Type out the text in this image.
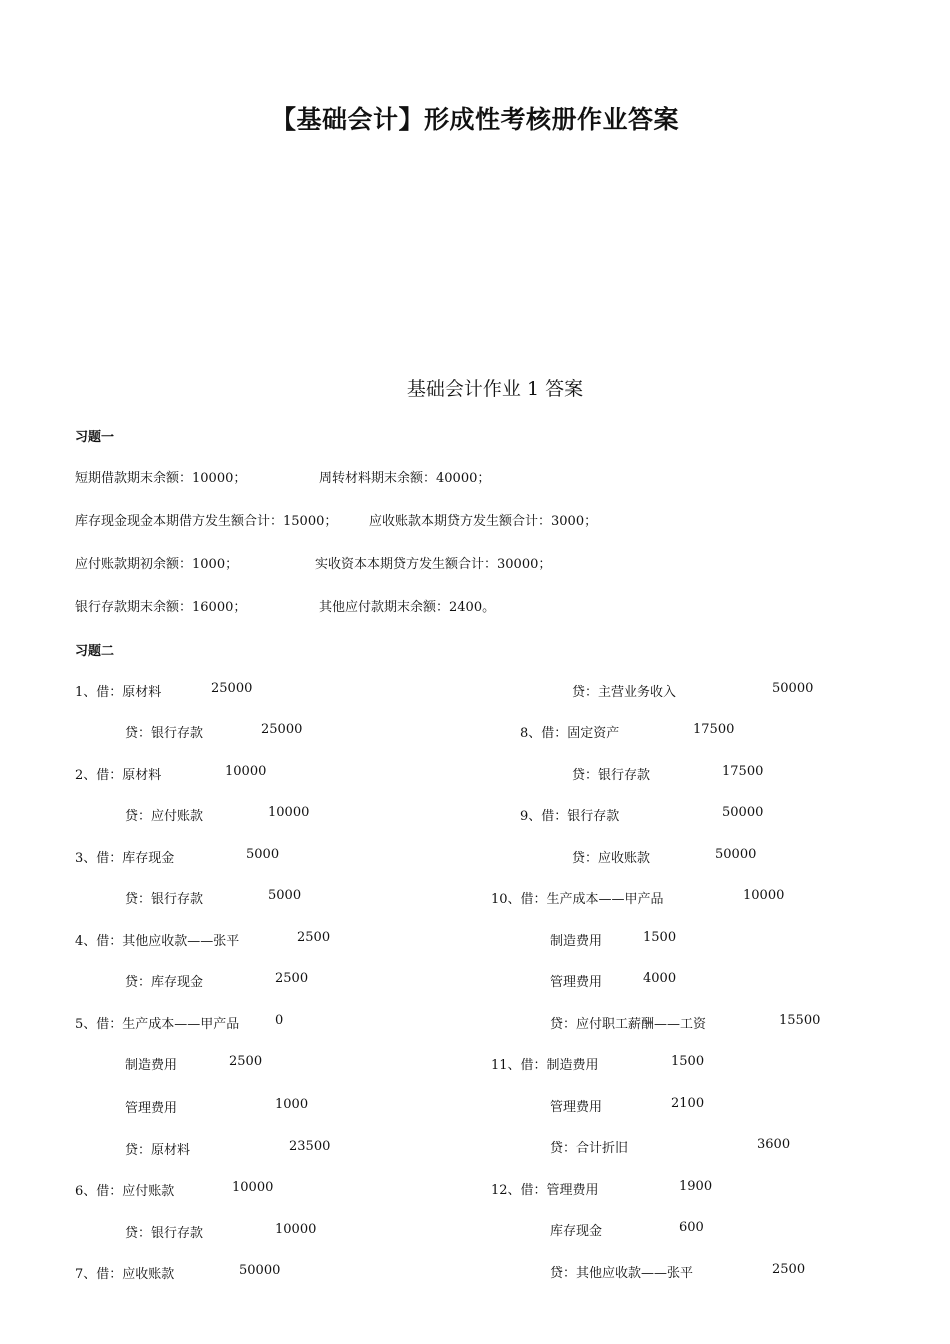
【基础会计】形成性考核册作业答案
基础会计作业 1 答案
习题一
短期借款期末余额：10000；	周转材料期末余额：40000；
库存现金现金本期借方发生额合计：15000； 应收账款本期贷方发生额合计：3000；
应付账款期初余额：1000；	实收资本本期贷方发生额合计：30000；
银行存款期末余额：16000；	其他应付款期末余额：2400。
习题二
1、借：原材料	25000
贷：银行存款	25000
2、借：原材料	10000
贷：应付账款	10000
3、借：库存现金	5000
贷：银行存款	5000
4、借：其他应收款——张平	2500
贷：库存现金	2500
5、借：生产成本——甲产品	0
制造费用	2500
管理费用	1000
贷：原材料	23500
6、借：应付账款	10000
贷：银行存款	10000
7、借：应收账款	50000
贷：主营业务收入	50000
8、借：固定资产	17500
贷：银行存款	17500
9、借：银行存款	50000
贷：应收账款	50000
10、借：生产成本——甲产品	10000
制造费用	1500
管理费用	4000
贷：应付职工薪酬——工资	15500
11、借：制造费用	1500
管理费用	2100
贷：合计折旧	3600
12、借：管理费用	1900
库存现金	600
贷：其他应收款——张平	2500
